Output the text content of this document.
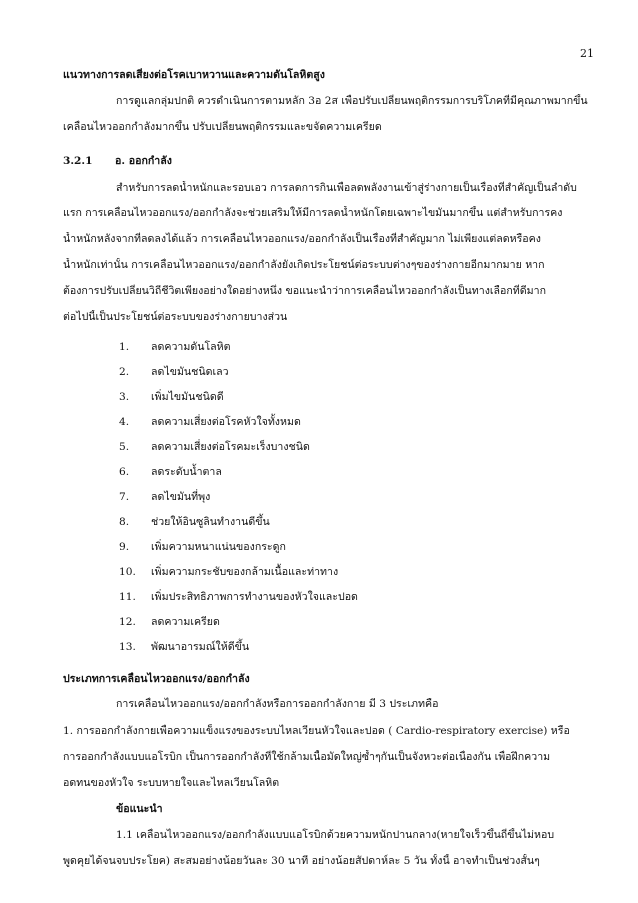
21
แนวทางการลดเสี่ยงต่อโรคเบาหวานและความดันโลหิตสูง
การดูแลกลุ่มปกติ ควรดำเนินการตามหลัก 3อ 2ส เพื่อปรับเปลี่ยนพฤติกรรมการบริโภคที่มีคุณภาพมากขึ้น
เคลื่อนไหวออกกำลังมากขึ้น ปรับเปลี่ยนพฤติกรรมและขจัดความเครียด
3.2.1 อ. ออกกำลัง
สำหรับการลดน้ำหนักและรอบเอว การลดการกินเพื่อลดพลังงานเข้าสู่ร่างกายเป็นเรื่องที่สำคัญเป็นลำดับ
แรก การเคลื่อนไหวออกแรง/ออกกำลังจะช่วยเสริมให้มีการลดน้ำหนักโดยเฉพาะไขมันมากขึ้น แต่สำหรับการคง
น้ำหนักหลังจากที่ลดลงได้แล้ว การเคลื่อนไหวออกแรง/ออกกำลังเป็นเรื่องที่สำคัญมาก ไม่เพียงแต่ลดหรือคง
น้ำหนักเท่านั้น การเคลื่อนไหวออกแรง/ออกกำลังยังเกิดประโยชน์ต่อระบบต่างๆของร่างกายอีกมากมาย หาก
ต้องการปรับเปลี่ยนวิถีชีวิตเพียงอย่างใดอย่างหนึ่ง ขอแนะนำว่าการเคลื่อนไหวออกกำลังเป็นทางเลือกที่ดีมาก
ต่อไปนี้เป็นประโยชน์ต่อระบบของร่างกายบางส่วน
1. ลดความดันโลหิต
2. ลดไขมันชนิดเลว
3. เพิ่มไขมันชนิดดี
4. ลดความเสี่ยงต่อโรคหัวใจทั้งหมด
5. ลดความเสี่ยงต่อโรคมะเร็งบางชนิด
6. ลดระดับน้ำตาล
7. ลดไขมันที่พุง
8. ช่วยให้อินซูลินทำงานดีขึ้น
9. เพิ่มความหนาแน่นของกระดูก
10. เพิ่มความกระชับของกล้ามเนื้อและท่าทาง
11. เพิ่มประสิทธิภาพการทำงานของหัวใจและปอด
12. ลดความเครียด
13. พัฒนาอารมณ์ให้ดีขึ้น
ประเภทการเคลื่อนไหวออกแรง/ออกกำลัง
การเคลื่อนไหวออกแรง/ออกกำลังหรือการออกกำลังกาย มี 3 ประเภทคือ
1. การออกกำลังกายเพื่อความแข็งแรงของระบบไหลเวียนหัวใจและปอด ( Cardio-respiratory exercise) หรือ
การออกกำลังแบบแอโรบิก เป็นการออกกำลังที่ใช้กล้ามเนื้อมัดใหญ่ซ้ำๆกันเป็นจังหวะต่อเนื่องกัน เพื่อฝึกความ
อดทนของหัวใจ ระบบหายใจและไหลเวียนโลหิต
ข้อแนะนำ
1.1 เคลื่อนไหวออกแรง/ออกกำลังแบบแอโรบิกด้วยความหนักปานกลาง(หายใจเร็วขึ้นถี่ขึ้นไม่หอบ
พูดคุยได้จนจบประโยค) สะสมอย่างน้อยวันละ 30 นาที อย่างน้อยสัปดาห์ละ 5 วัน ทั้งนี้ อาจทำเป็นช่วงสั้นๆ
